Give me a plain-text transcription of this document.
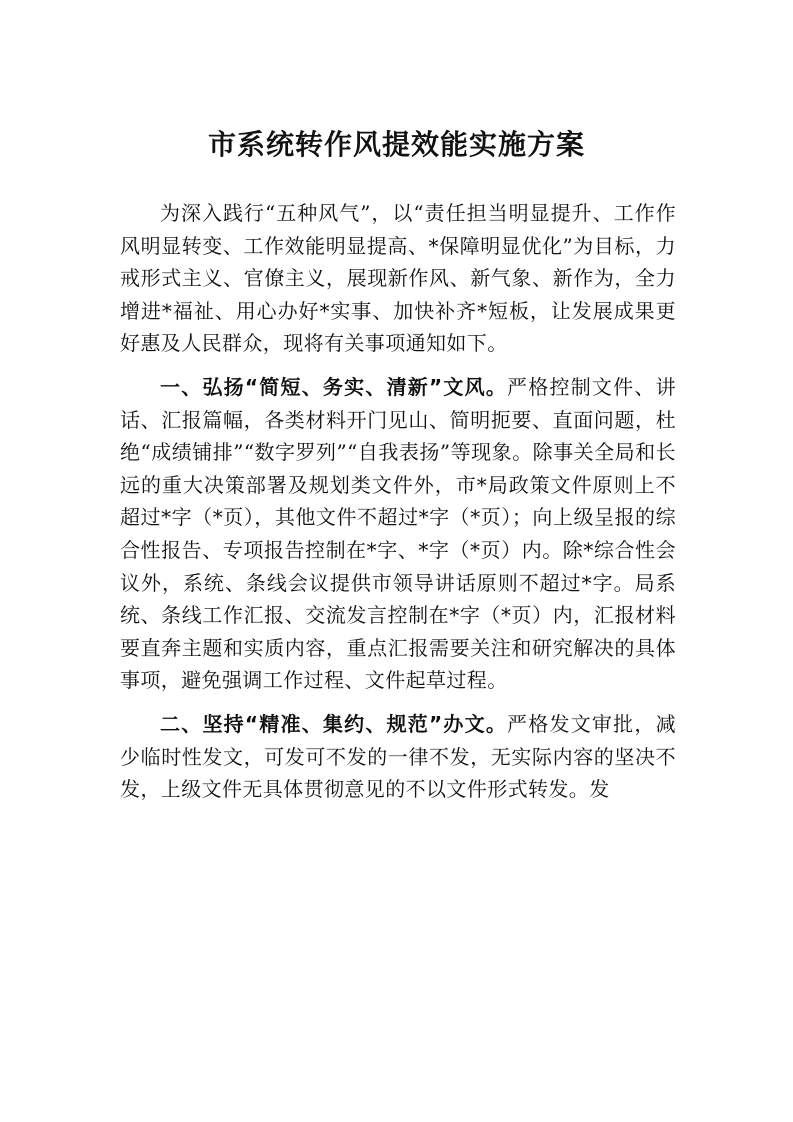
市系统转作风提效能实施方案

为深入践行“五种风气”，以“责任担当明显提升、工作作风明显转变、工作效能明显提高、*保障明显优化”为目标，力戒形式主义、官僚主义，展现新作风、新气象、新作为，全力增进*福祉、用心办好*实事、加快补齐*短板，让发展成果更好惠及人民群众，现将有关事项通知如下。

一、弘扬“简短、务实、清新”文风。严格控制文件、讲话、汇报篇幅，各类材料开门见山、简明扼要、直面问题，杜绝“成绩铺排”“数字罗列”“自我表扬”等现象。除事关全局和长远的重大决策部署及规划类文件外，市*局政策文件原则上不超过*字（*页），其他文件不超过*字（*页）；向上级呈报的综合性报告、专项报告控制在*字、*字（*页）内。除*综合性会议外，系统、条线会议提供市领导讲话原则不超过*字。局系统、条线工作汇报、交流发言控制在*字（*页）内，汇报材料要直奔主题和实质内容，重点汇报需要关注和研究解决的具体事项，避免强调工作过程、文件起草过程。

二、坚持“精准、集约、规范”办文。严格发文审批，减少临时性发文，可发可不发的一律不发，无实际内容的坚决不发，上级文件无具体贯彻意见的不以文件形式转发。发
